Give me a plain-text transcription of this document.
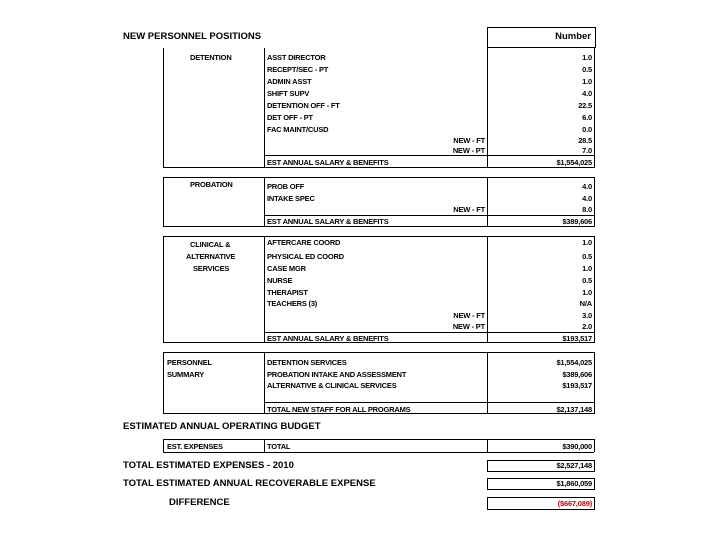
NEW PERSONNEL POSITIONS	Number
DETENTION	ASST DIRECTOR	1.0
RECEPT/SEC - PT	0.5
ADMIN ASST	1.0
SHIFT SUPV	4.0
DETENTION OFF - FT	22.5
DET OFF - PT	6.0
FAC MAINT/CUSD	0.0
NEW - FT	28.5
NEW - PT	7.0
EST ANNUAL SALARY & BENEFITS	$1,554,025
PROBATION	PROB OFF	4.0
INTAKE SPEC	4.0
NEW - FT	8.0
EST ANNUAL SALARY & BENEFITS	$389,606
CLINICAL &
ALTERNATIVE
SERVICES
AFTERCARE COORD	1.0
PHYSICAL ED COORD	0.5
CASE MGR	1.0
NURSE	0.5
THERAPIST	1.0
TEACHERS (3)	N/A
NEW - FT	3.0
NEW - PT	2.0
EST ANNUAL SALARY & BENEFITS	$193,517
PERSONNEL
SUMMARY
DETENTION SERVICES	$1,554,025
PROBATION INTAKE AND ASSESSMENT	$389,606
ALTERNATIVE & CLINICAL SERVICES	$193,517
TOTAL NEW STAFF FOR ALL PROGRAMS	$2,137,148
ESTIMATED ANNUAL OPERATING BUDGET
EST. EXPENSES	TOTAL	$390,000
TOTAL ESTIMATED EXPENSES - 2010	$2,527,148
TOTAL ESTIMATED ANNUAL RECOVERABLE EXPENSE	$1,860,059
DIFFERENCE	($667,089)
